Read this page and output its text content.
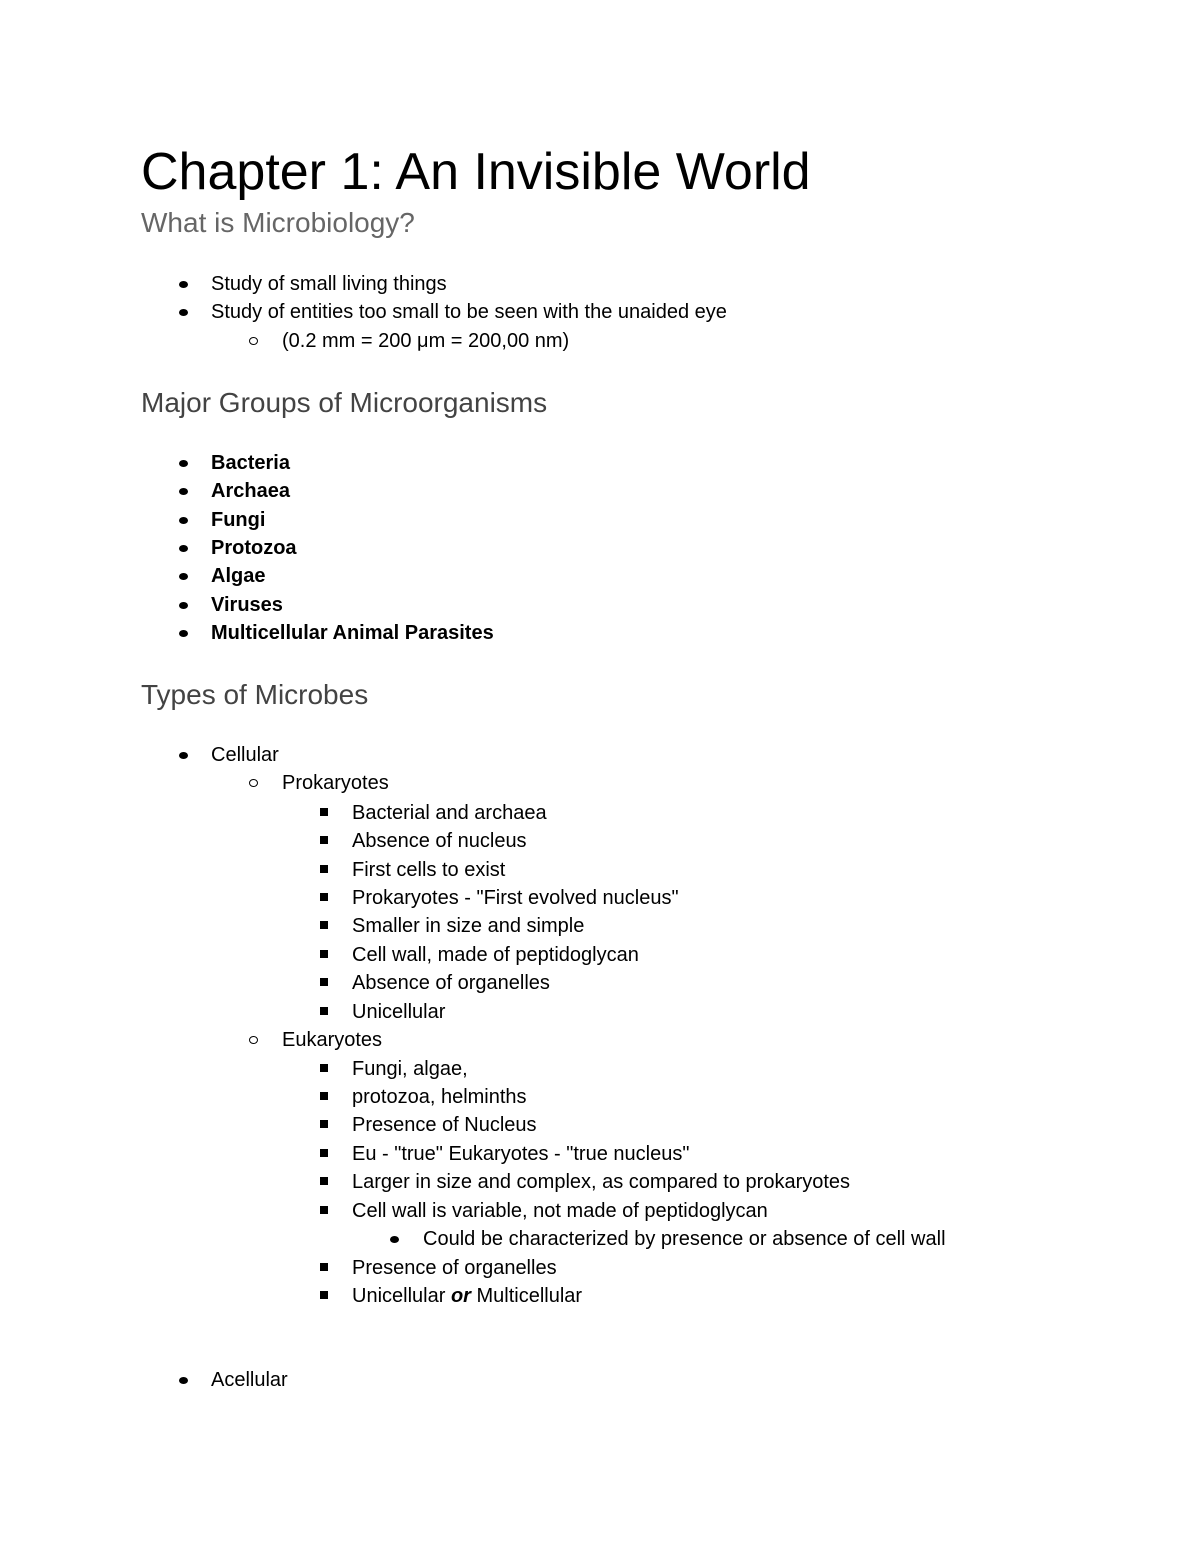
Chapter 1: An Invisible World
What is Microbiology?
Study of small living things
Study of entities too small to be seen with the unaided eye
(0.2 mm = 200 μm = 200,00 nm)
Major Groups of Microorganisms
Bacteria
Archaea
Fungi
Protozoa
Algae
Viruses
Multicellular Animal Parasites
Types of Microbes
Cellular
Prokaryotes
Bacterial and archaea
Absence of nucleus
First cells to exist
Prokaryotes - "First evolved nucleus"
Smaller in size and simple
Cell wall, made of peptidoglycan
Absence of organelles
Unicellular
Eukaryotes
Fungi, algae,
protozoa, helminths
Presence of Nucleus
Eu - "true" Eukaryotes - "true nucleus"
Larger in size and complex, as compared to prokaryotes
Cell wall is variable, not made of peptidoglycan
Could be characterized by presence or absence of cell wall
Presence of organelles
Unicellular or Multicellular
Acellular
